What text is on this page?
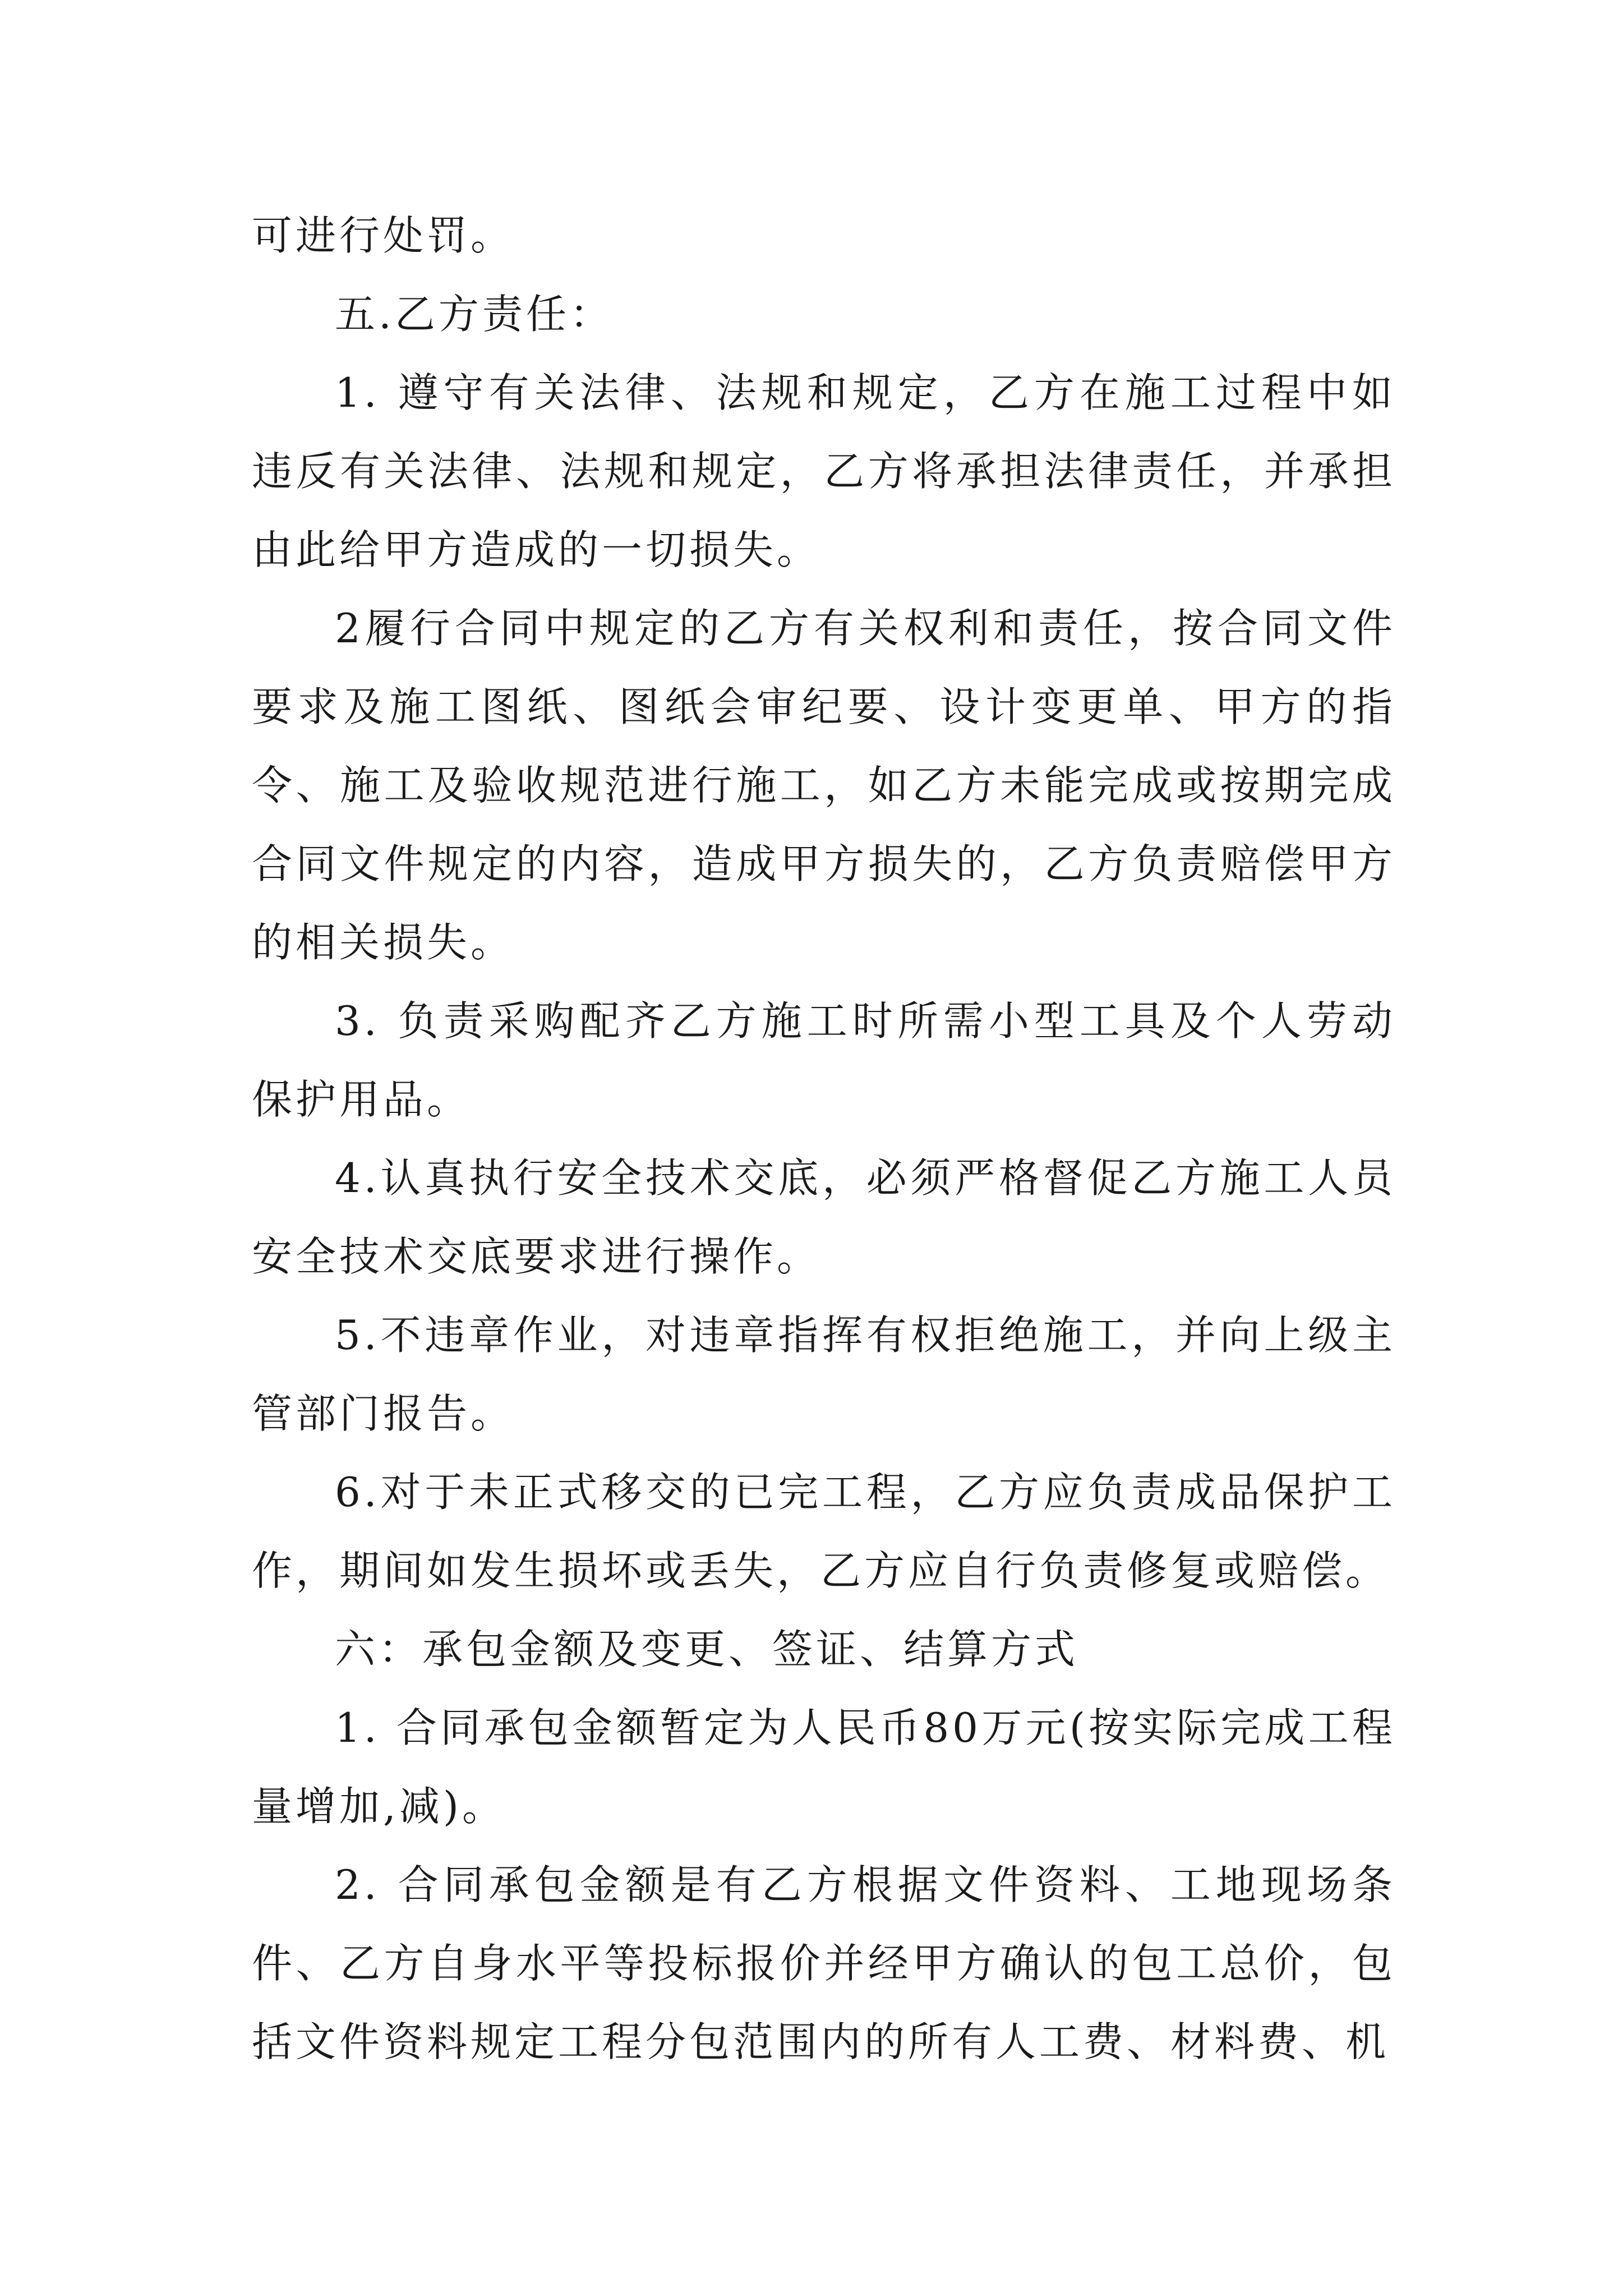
可进行处罚。

五.乙方责任：

1. 遵守有关法律、法规和规定，乙方在施工过程中如违反有关法律、法规和规定，乙方将承担法律责任，并承担由此给甲方造成的一切损失。

2履行合同中规定的乙方有关权利和责任，按合同文件要求及施工图纸、图纸会审纪要、设计变更单、甲方的指令、施工及验收规范进行施工，如乙方未能完成或按期完成合同文件规定的内容，造成甲方损失的，乙方负责赔偿甲方的相关损失。

3. 负责采购配齐乙方施工时所需小型工具及个人劳动保护用品。

4.认真执行安全技术交底，必须严格督促乙方施工人员安全技术交底要求进行操作。

5.不违章作业，对违章指挥有权拒绝施工，并向上级主管部门报告。

6.对于未正式移交的已完工程，乙方应负责成品保护工作，期间如发生损坏或丢失，乙方应自行负责修复或赔偿。

六：承包金额及变更、签证、结算方式

1. 合同承包金额暂定为人民币80万元(按实际完成工程量增加,减)。

2. 合同承包金额是有乙方根据文件资料、工地现场条件、乙方自身水平等投标报价并经甲方确认的包工总价，包括文件资料规定工程分包范围内的所有人工费、材料费、机
